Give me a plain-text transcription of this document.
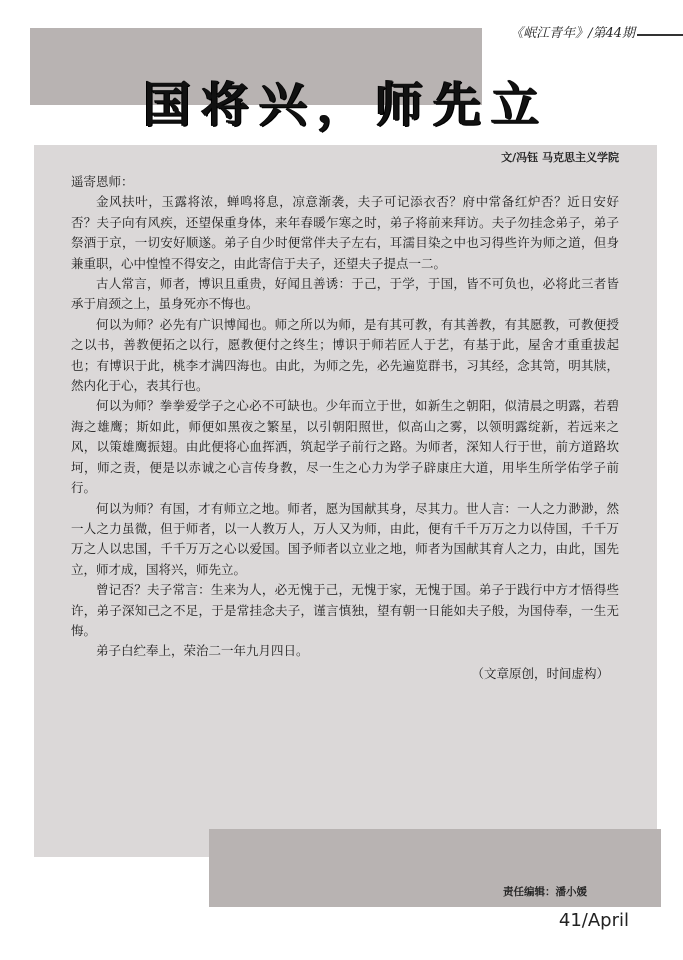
《岷江青年》/第44期
国将兴，师先立
文/冯钰 马克思主义学院

遥寄恩师：

金风扶叶，玉露将浓，蝉鸣将息，凉意渐袭，夫子可记添衣否？府中常备红炉否？近日安好否？夫子向有风疾，还望保重身体，来年春暖乍寒之时，弟子将前来拜访。夫子勿挂念弟子，弟子祭酒于京，一切安好顺遂。弟子自少时便常伴夫子左右，耳濡目染之中也习得些许为师之道，但身兼重职，心中惶惶不得安之，由此寄信于夫子，还望夫子提点一二。

古人常言，师者，博识且重贵，好闻且善诱：于己，于学，于国，皆不可负也，必将此三者皆承于肩颈之上，虽身死亦不悔也。

何以为师？必先有广识博闻也。师之所以为师，是有其可教，有其善教，有其愿教，可教便授之以书，善教便拓之以行，愿教便付之终生；博识于师若匠人于艺，有基于此，屋舍才重重拔起也；有博识于此，桃李才满四海也。由此，为师之先，必先遍览群书，习其经，念其笥，明其牍，然内化于心，表其行也。

何以为师？拳拳爱学子之心必不可缺也。少年而立于世，如新生之朝阳，似清晨之明露，若碧海之雄鹰；斯如此，师便如黑夜之繁星，以引朝阳照世，似高山之雾，以领明露绽新，若远来之风，以策雄鹰振翅。由此便将心血挥洒，筑起学子前行之路。为师者，深知人行于世，前方道路坎坷，师之责，便是以赤诚之心言传身教，尽一生之心力为学子辟康庄大道，用毕生所学佑学子前行。

何以为师？有国，才有师立之地。师者，愿为国献其身，尽其力。世人言：一人之力渺渺，然一人之力虽微，但于师者，以一人教万人，万人又为师，由此，便有千千万万之力以侍国，千千万万之人以忠国，千千万万之心以爱国。国予师者以立业之地，师者为国献其育人之力，由此，国先立，师才成，国将兴，师先立。

曾记否？夫子常言：生来为人，必无愧于己，无愧于家，无愧于国。弟子于践行中方才悟得些许，弟子深知己之不足，于是常挂念夫子，谨言慎独，望有朝一日能如夫子般，为国侍奉，一生无悔。

弟子白纻奉上，荣治二一年九月四日。

（文章原创，时间虚构）

责任编辑：潘小媛
41/April
